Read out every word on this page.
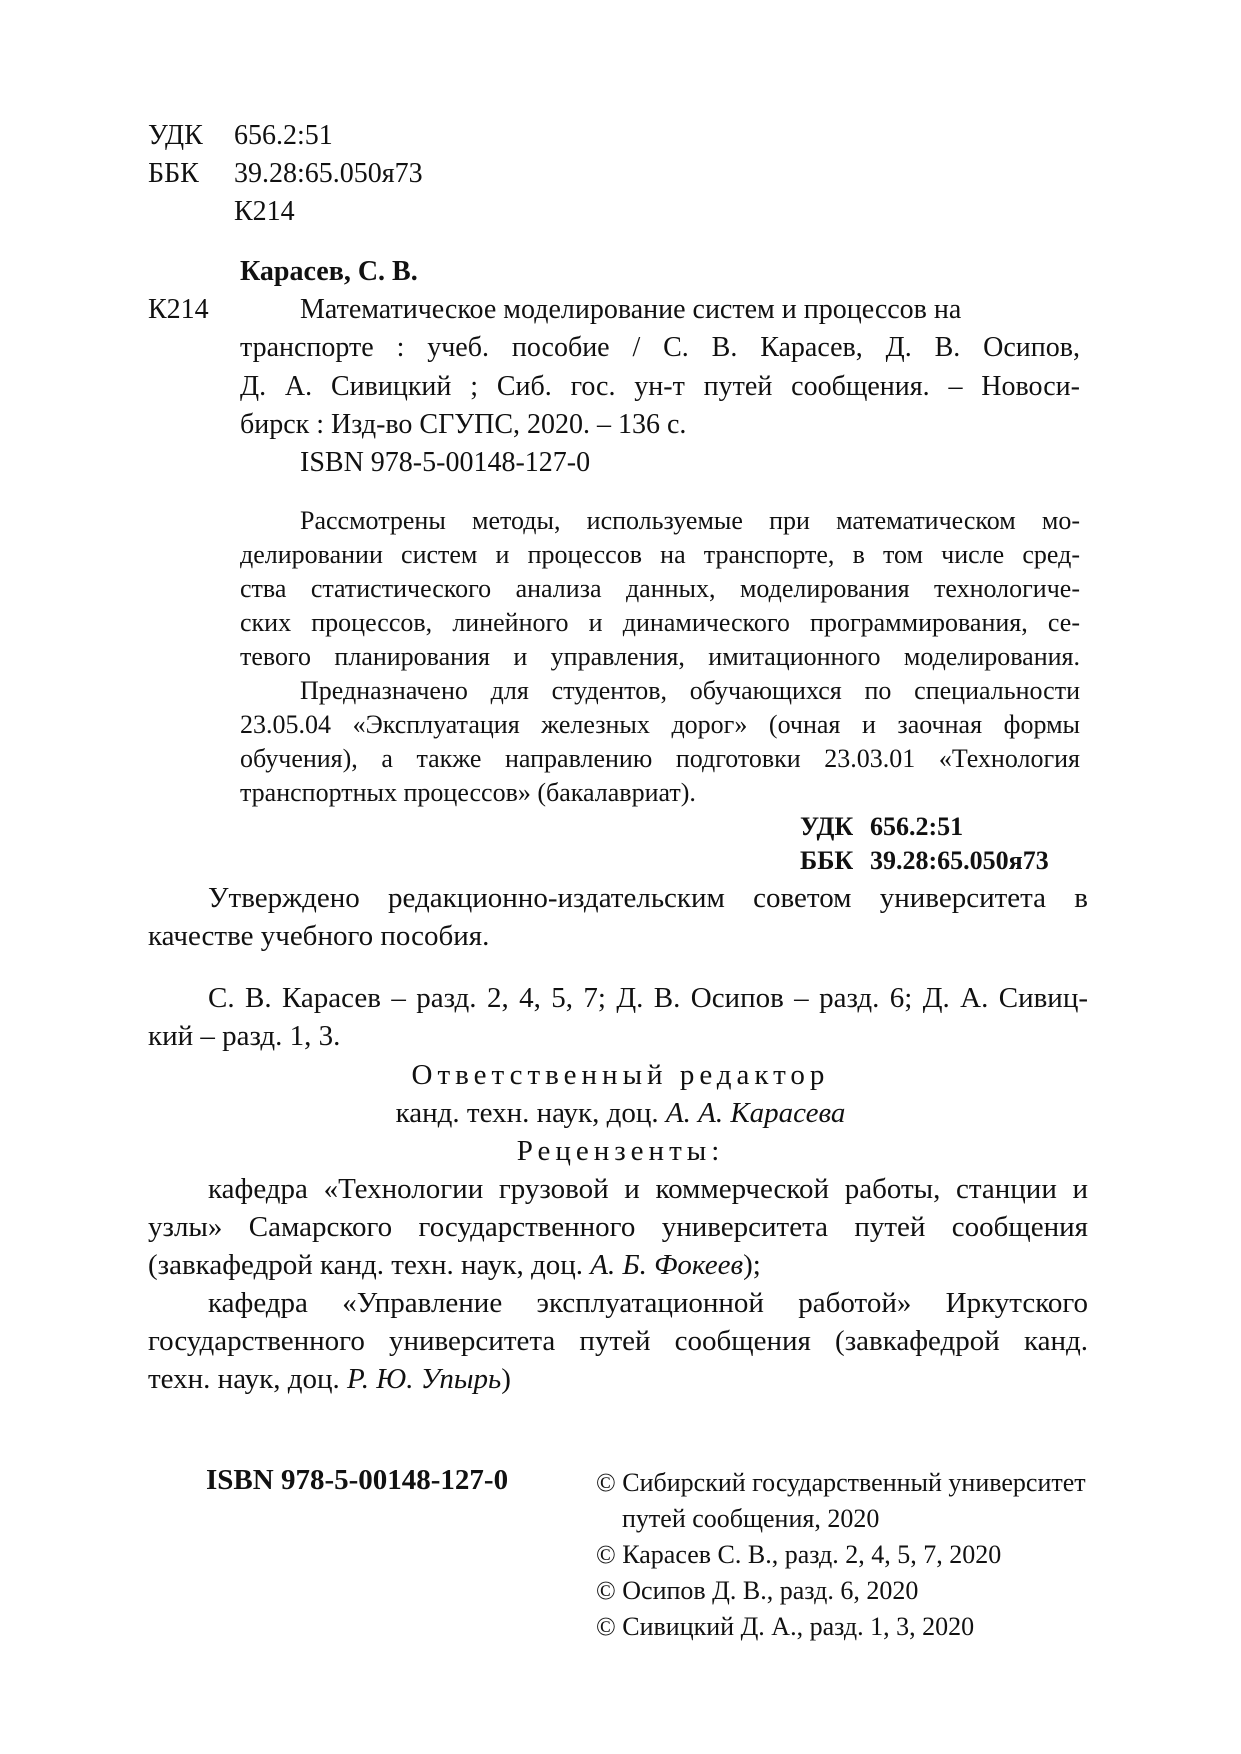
УДК 656.2:51
ББК 39.28:65.050я73
К214
Карасев, С. В.
К214	Математическое моделирование систем и процессов на
транспорте : учеб. пособие / С. В. Карасев, Д. В. Осипов,
Д. А. Сивицкий ; Сиб. гос. ун-т путей сообщения. – Новоси-
бирск : Изд-во СГУПС, 2020. – 136 с.
ISBN 978-5-00148-127-0
Рассмотрены методы, используемые при математическом мо-
делировании систем и процессов на транспорте, в том числе сред-
ства статистического анализа данных, моделирования технологиче-
ских процессов, линейного и динамического программирования, се-
тевого планирования и управления, имитационного моделирования.
Предназначено для студентов, обучающихся по специальности
23.05.04 «Эксплуатация железных дорог» (очная и заочная формы
обучения), а также направлению подготовки 23.03.01 «Технология
транспортных процессов» (бакалавриат).
УДК 656.2:51
ББК 39.28:65.050я73
Утверждено редакционно-издательским советом университета в
качестве учебного пособия.
С. В. Карасев – разд. 2, 4, 5, 7; Д. В. Осипов – разд. 6; Д. А. Сивиц-
кий – разд. 1, 3.
Ответственный редактор
канд. техн. наук, доц. А. А. Карасева
Рецензенты:
кафедра «Технологии грузовой и коммерческой работы, станции и
узлы» Самарского государственного университета путей сообщения
(завкафедрой канд. техн. наук, доц. А. Б. Фокеев);
кафедра «Управление эксплуатационной работой» Иркутского
государственного университета путей сообщения (завкафедрой канд.
техн. наук, доц. Р. Ю. Упырь)
ISBN 978-5-00148-127-0	© Сибирский государственный университет
путей сообщения, 2020
© Карасев С. В., разд. 2, 4, 5, 7, 2020
© Осипов Д. В., разд. 6, 2020
© Сивицкий Д. А., разд. 1, 3, 2020
